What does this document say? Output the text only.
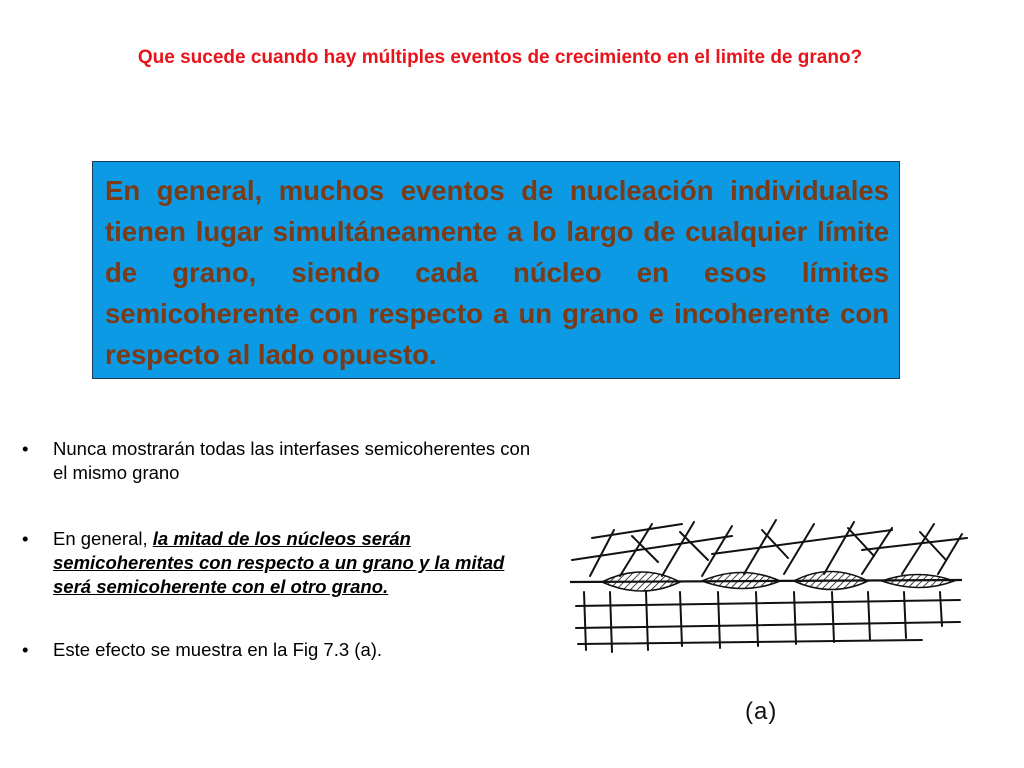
Que sucede cuando hay múltiples eventos de crecimiento en el limite de grano?
En general, muchos eventos de nucleación individuales tienen lugar simultáneamente a lo largo de cualquier límite de grano, siendo cada núcleo en esos límites semicoherente con respecto a un grano e incoherente con respecto al lado opuesto.
• Nunca mostrarán todas las interfases semicoherentes con el mismo grano
• En general, la mitad de los núcleos serán semicoherentes con respecto a un grano y la mitad será semicoherente con el otro grano.
• Este efecto se muestra en la Fig 7.3 (a).
(a)
